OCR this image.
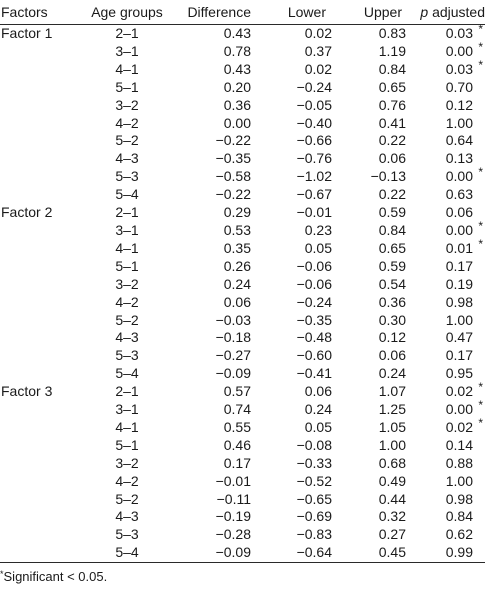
Factors	Age groups	Difference	Lower	Upper	p adjusted
Factor 1	2–1	0.43	0.02	0.83	0.03 *

	3–1	0.78	0.37	1.19	0.00 *

	4–1	0.43	0.02	0.84	0.03 *

	5–1	0.20	−0.24	0.65	0.70
	3–2	0.36	−0.05	0.76	0.12
	4–2	0.00	−0.40	0.41	1.00
	5–2	−0.22	−0.66	0.22	0.64
	4–3	−0.35	−0.76	0.06	0.13
	5–3	−0.58	−1.02	−0.13	0.00 *

	5–4	−0.22	−0.67	0.22	0.63
Factor 2	2–1	0.29	−0.01	0.59	0.06
	3–1	0.53	0.23	0.84	0.00 *

	4–1	0.35	0.05	0.65	0.01 *

	5–1	0.26	−0.06	0.59	0.17
	3–2	0.24	−0.06	0.54	0.19
	4–2	0.06	−0.24	0.36	0.98
	5–2	−0.03	−0.35	0.30	1.00
	4–3	−0.18	−0.48	0.12	0.47
	5–3	−0.27	−0.60	0.06	0.17
	5–4	−0.09	−0.41	0.24	0.95
Factor 3	2–1	0.57	0.06	1.07	0.02 *

	3–1	0.74	0.24	1.25	0.00 *

	4–1	0.55	0.05	1.05	0.02 *

	5–1	0.46	−0.08	1.00	0.14
	3–2	0.17	−0.33	0.68	0.88
	4–2	−0.01	−0.52	0.49	1.00
	5–2	−0.11	−0.65	0.44	0.98
	4–3	−0.19	−0.69	0.32	0.84
	5–3	−0.28	−0.83	0.27	0.62
	5–4	−0.09	−0.64	0.45	0.99
*Significant < 0.05.
